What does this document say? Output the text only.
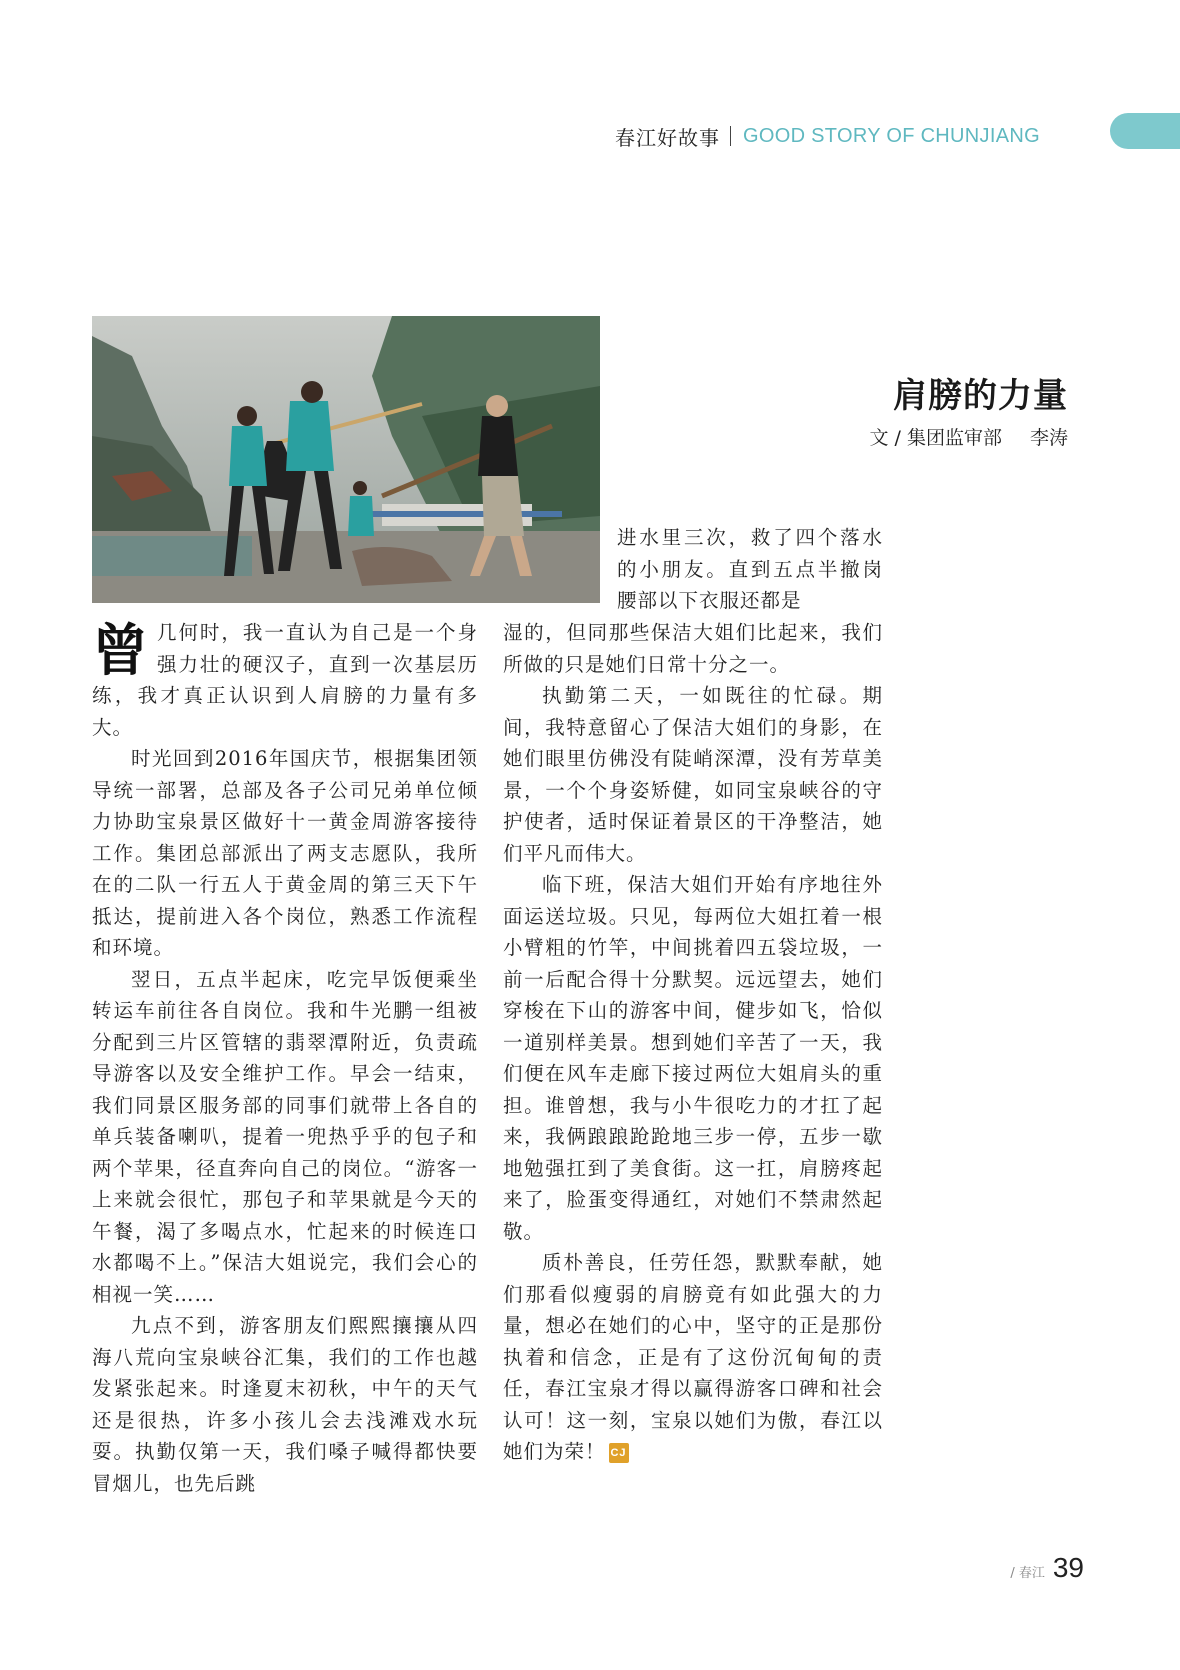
春江好故事 GOOD STORY OF CHUNJIANG
肩膀的力量
文 / 集团监审部 李涛

曾几何时，我一直认为自己是一个身强力壮的硬汉子，直到一次基层历练，我才真正认识到人肩膀的力量有多大。

时光回到2016年国庆节，根据集团领导统一部署，总部及各子公司兄弟单位倾力协助宝泉景区做好十一黄金周游客接待工作。集团总部派出了两支志愿队，我所在的二队一行五人于黄金周的第三天下午抵达，提前进入各个岗位，熟悉工作流程和环境。

翌日，五点半起床，吃完早饭便乘坐转运车前往各自岗位。我和牛光鹏一组被分配到三片区管辖的翡翠潭附近，负责疏导游客以及安全维护工作。早会一结束，我们同景区服务部的同事们就带上各自的单兵装备喇叭，提着一兜热乎乎的包子和两个苹果，径直奔向自己的岗位。“游客一上来就会很忙，那包子和苹果就是今天的午餐，渴了多喝点水，忙起来的时候连口水都喝不上。”保洁大姐说完，我们会心的相视一笑……

九点不到，游客朋友们熙熙攘攘从四海八荒向宝泉峡谷汇集，我们的工作也越发紧张起来。时逢夏末初秋，中午的天气还是很热，许多小孩儿会去浅滩戏水玩耍。执勤仅第一天，我们嗓子喊得都快要冒烟儿，也先后跳

进水里三次，救了四个落水的小朋友。直到五点半撤岗腰部以下衣服还都是

湿的，但同那些保洁大姐们比起来，我们所做的只是她们日常十分之一。

执勤第二天，一如既往的忙碌。期间，我特意留心了保洁大姐们的身影，在她们眼里仿佛没有陡峭深潭，没有芳草美景，一个个身姿矫健，如同宝泉峡谷的守护使者，适时保证着景区的干净整洁，她们平凡而伟大。

临下班，保洁大姐们开始有序地往外面运送垃圾。只见，每两位大姐扛着一根小臂粗的竹竿，中间挑着四五袋垃圾，一前一后配合得十分默契。远远望去，她们穿梭在下山的游客中间，健步如飞，恰似一道别样美景。想到她们辛苦了一天，我们便在风车走廊下接过两位大姐肩头的重担。谁曾想，我与小牛很吃力的才扛了起来，我俩踉踉跄跄地三步一停，五步一歇地勉强扛到了美食街。这一扛，肩膀疼起来了，脸蛋变得通红，对她们不禁肃然起敬。

质朴善良，任劳任怨，默默奉献，她们那看似瘦弱的肩膀竟有如此强大的力量，想必在她们的心中，坚守的正是那份执着和信念，正是有了这份沉甸甸的责任，春江宝泉才得以赢得游客口碑和社会认可！这一刻，宝泉以她们为傲，春江以她们为荣！ CJ

/ 春江 39
